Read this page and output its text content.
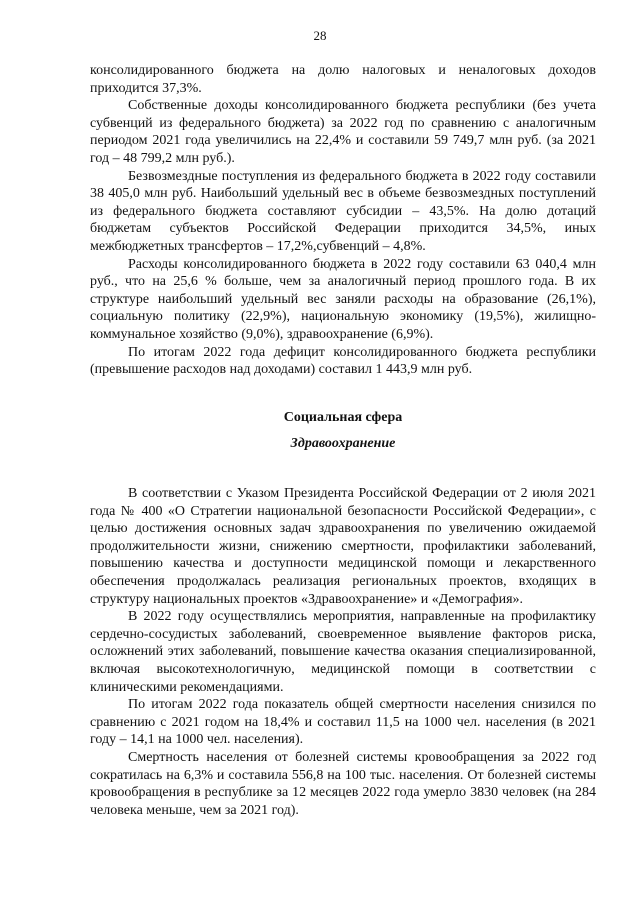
28

консолидированного бюджета на долю налоговых и неналоговых доходов приходится 37,3%.

Собственные доходы консолидированного бюджета республики (без учета субвенций из федерального бюджета) за 2022 год по сравнению с аналогичным периодом 2021 года увеличились на 22,4% и составили 59 749,7 млн руб. (за 2021 год – 48 799,2 млн руб.).

Безвозмездные поступления из федерального бюджета в 2022 году составили 38 405,0 млн руб. Наибольший удельный вес в объеме безвозмездных поступлений из федерального бюджета составляют субсидии – 43,5%. На долю дотаций бюджетам субъектов Российской Федерации приходится 34,5%, иных межбюджетных трансфертов – 17,2%,субвенций – 4,8%.

Расходы консолидированного бюджета в 2022 году составили 63 040,4 млн руб., что на 25,6 % больше, чем за аналогичный период прошлого года. В их структуре наибольший удельный вес заняли расходы на образование (26,1%), социальную политику (22,9%), национальную экономику (19,5%), жилищно-коммунальное хозяйство (9,0%), здравоохранение (6,9%).

По итогам 2022 года дефицит консолидированного бюджета республики (превышение расходов над доходами) составил 1 443,9 млн руб.

Социальная сфера
Здравоохранение

В соответствии с Указом Президента Российской Федерации от 2 июля 2021 года № 400 «О Стратегии национальной безопасности Российской Федерации», с целью достижения основных задач здравоохранения по увеличению ожидаемой продолжительности жизни, снижению смертности, профилактики заболеваний, повышению качества и доступности медицинской помощи и лекарственного обеспечения продолжалась реализация региональных проектов, входящих в структуру национальных проектов «Здравоохранение» и «Демография».

В 2022 году осуществлялись мероприятия, направленные на профилактику сердечно-сосудистых заболеваний, своевременное выявление факторов риска, осложнений этих заболеваний, повышение качества оказания специализированной, включая высокотехнологичную, медицинской помощи в соответствии с клиническими рекомендациями.

По итогам 2022 года показатель общей смертности населения снизился по сравнению с 2021 годом на 18,4% и составил 11,5 на 1000 чел. населения (в 2021 году – 14,1 на 1000 чел. населения).

Смертность населения от болезней системы кровообращения за 2022 год сократилась на 6,3% и составила 556,8 на 100 тыс. населения. От болезней системы кровообращения в республике за 12 месяцев 2022 года умерло 3830 человек (на 284 человека меньше, чем за 2021 год).
